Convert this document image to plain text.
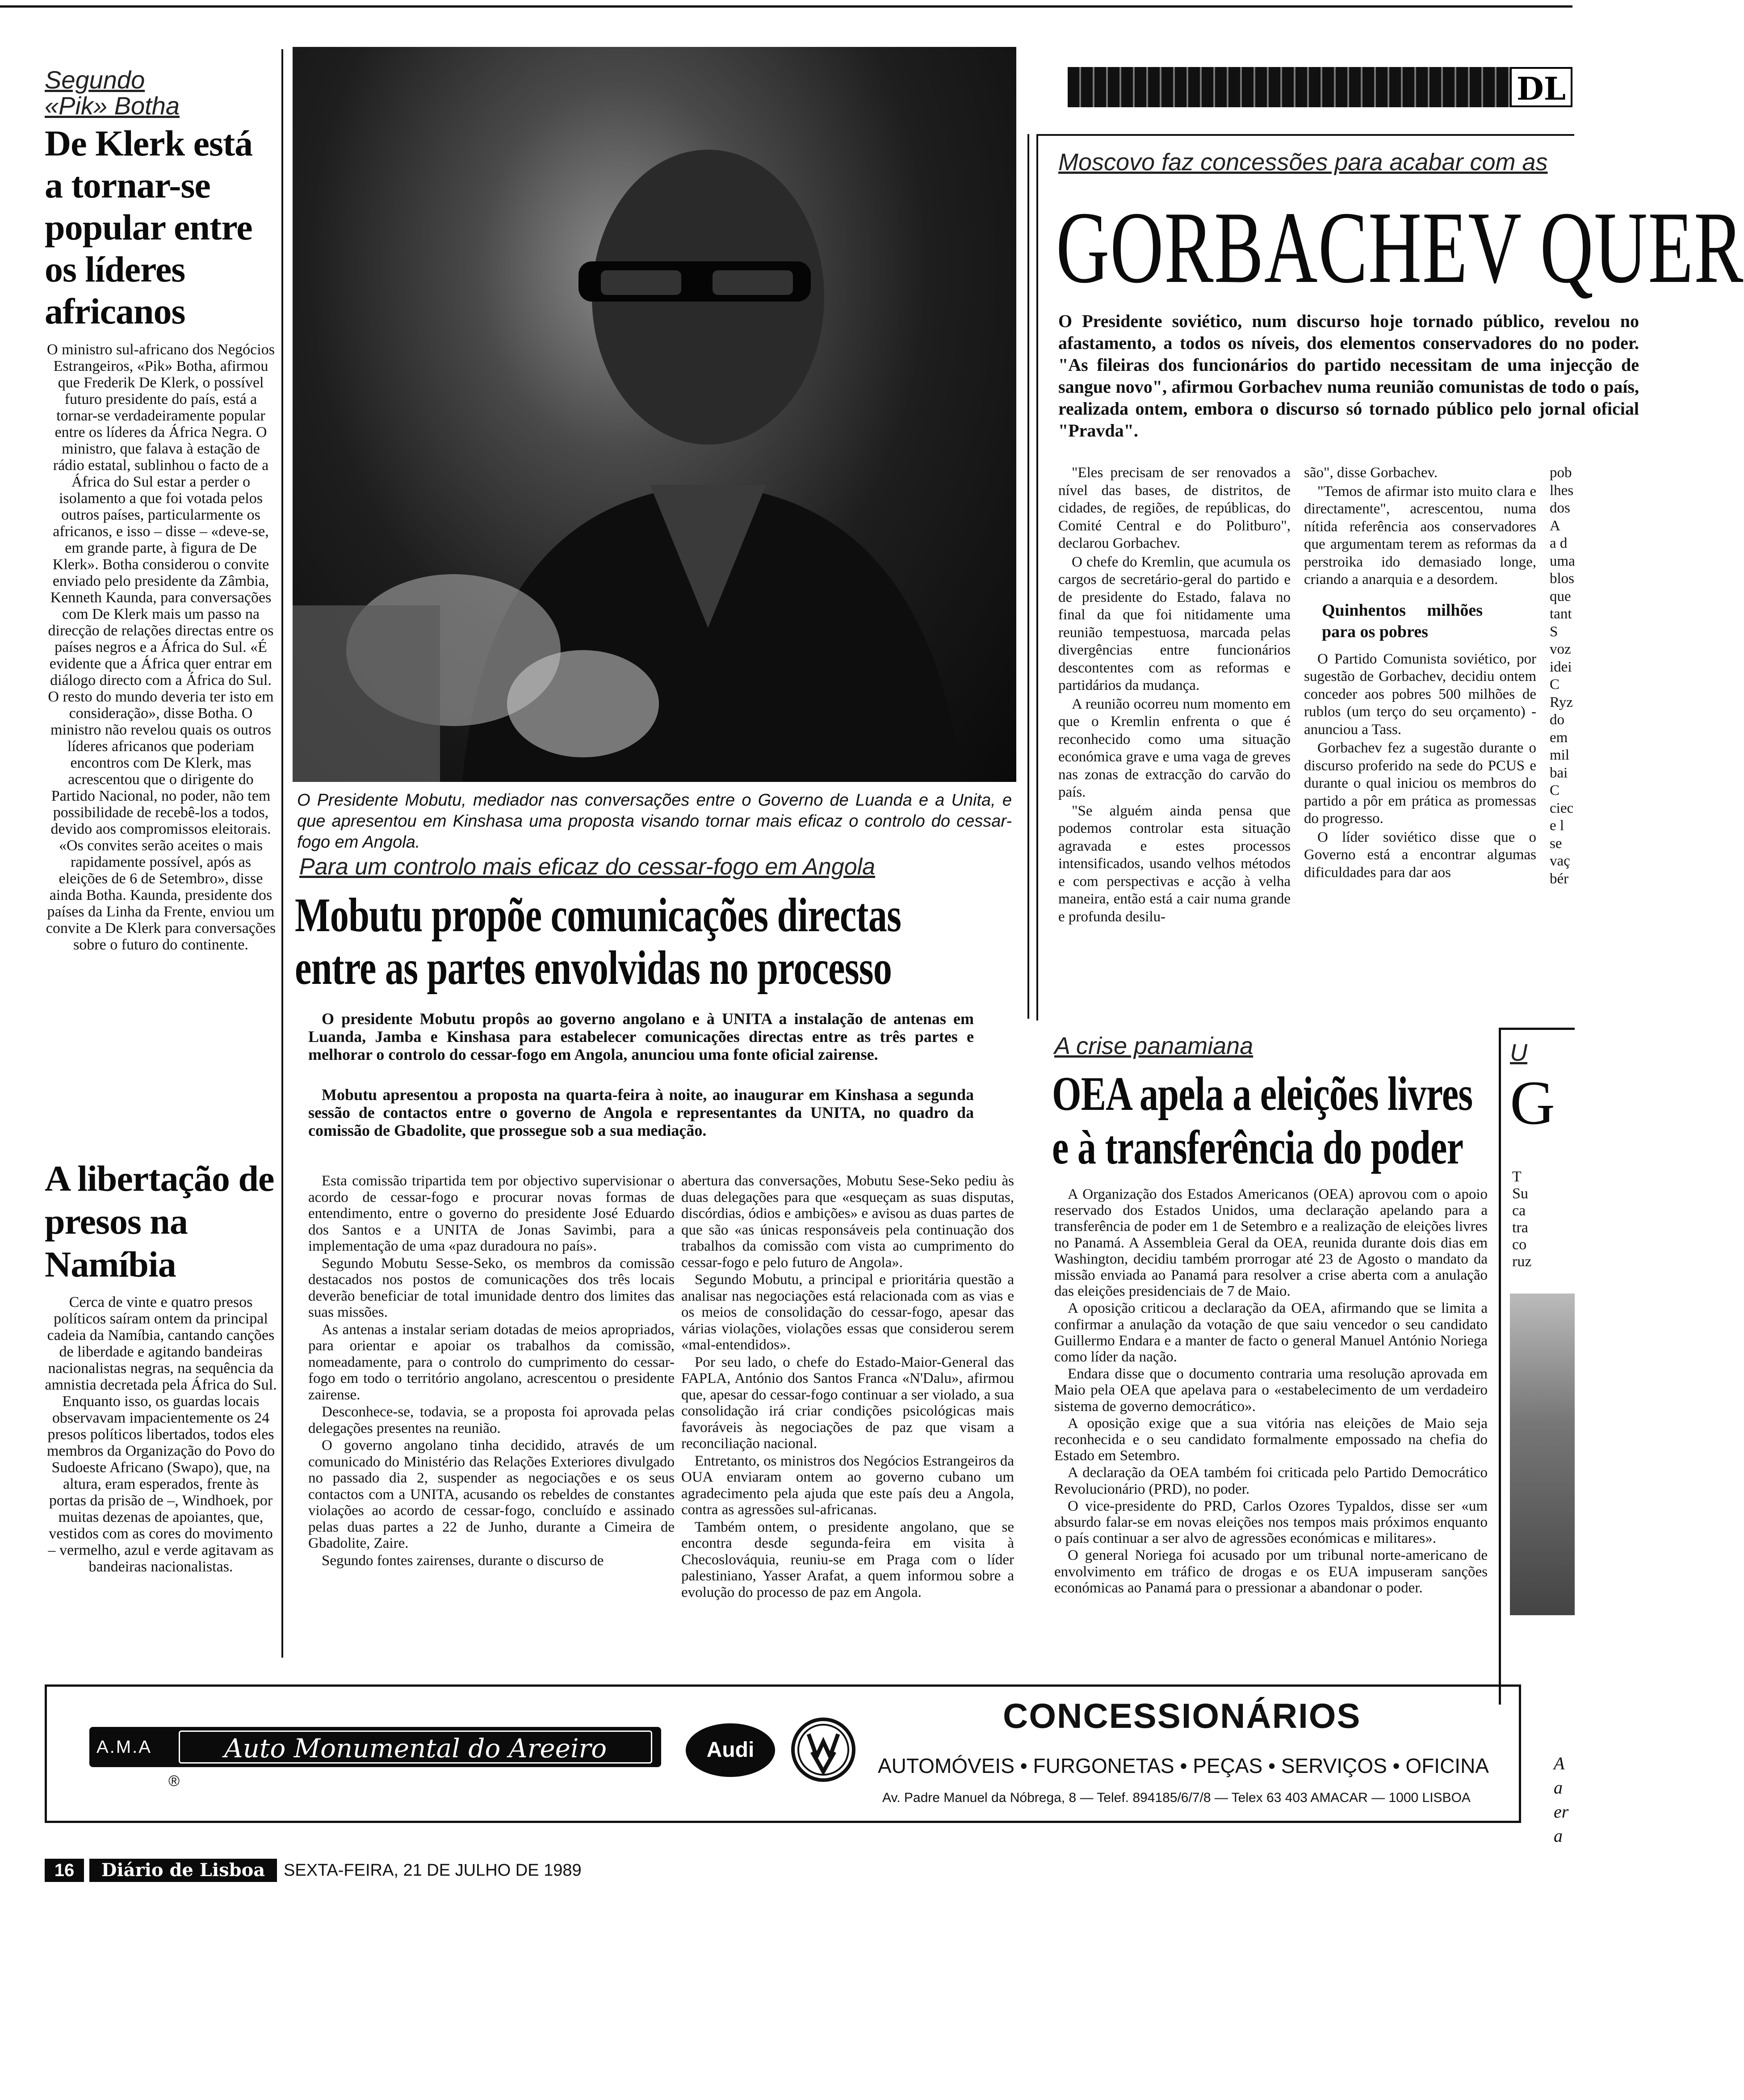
Segundo
«Pik» Botha
De Klerk está a tornar-se popular entre os líderes africanos
O ministro sul-africano dos Negócios Estrangeiros, «Pik» Botha, afirmou que Frederik De Klerk, o possível futuro presidente do país, está a tornar-se verdadeiramente popular entre os líderes da África Negra. O ministro, que falava à estação de rádio estatal, sublinhou o facto de a África do Sul estar a perder o isolamento a que foi votada pelos outros países, particularmente os africanos, e isso – disse – «deve-se, em grande parte, à figura de De Klerk». Botha considerou o convite enviado pelo presidente da Zâmbia, Kenneth Kaunda, para conversações com De Klerk mais um passo na direcção de relações directas entre os países negros e a África do Sul. «É evidente que a África quer entrar em diálogo directo com a África do Sul. O resto do mundo deveria ter isto em consideração», disse Botha. O ministro não revelou quais os outros líderes africanos que poderiam encontros com De Klerk, mas acrescentou que o dirigente do Partido Nacional, no poder, não tem possibilidade de recebê-los a todos, devido aos compromissos eleitorais. «Os convites serão aceites o mais rapidamente possível, após as eleições de 6 de Setembro», disse ainda Botha. Kaunda, presidente dos países da Linha da Frente, enviou um convite a De Klerk para conversações sobre o futuro do continente.
A libertação de presos na Namíbia
Cerca de vinte e quatro presos políticos saíram ontem da principal cadeia da Namíbia, cantando canções de liberdade e agitando bandeiras nacionalistas negras, na sequência da amnistia decretada pela África do Sul. Enquanto isso, os guardas locais observavam impacientemente os 24 presos políticos libertados, todos eles membros da Organização do Povo do Sudoeste Africano (Swapo), que, na altura, eram esperados, frente às portas da prisão de –, Windhoek, por muitas dezenas de apoiantes, que, vestidos com as cores do movimento – vermelho, azul e verde agitavam as bandeiras nacionalistas.
O Presidente Mobutu, mediador nas conversações entre o Governo de Luanda e a Unita, e que apresentou em Kinshasa uma proposta visando tornar mais eficaz o controlo do cessar-fogo em Angola.
Para um controlo mais eficaz do cessar-fogo em Angola
Mobutu propõe comunicações directas
entre as partes envolvidas no processo
O presidente Mobutu propôs ao governo angolano e à UNITA a instalação de antenas em Luanda, Jamba e Kinshasa para estabelecer comunicações directas entre as três partes e melhorar o controlo do cessar-fogo em Angola, anunciou uma fonte oficial zairense.
Mobutu apresentou a proposta na quarta-feira à noite, ao inaugurar em Kinshasa a segunda sessão de contactos entre o governo de Angola e representantes da UNITA, no quadro da comissão de Gbadolite, que prossegue sob a sua mediação.

Esta comissão tripartida tem por objectivo supervisionar o acordo de cessar-fogo e procurar novas formas de entendimento, entre o governo do presidente José Eduardo dos Santos e a UNITA de Jonas Savimbi, para a implementação de uma «paz duradoura no país».

Segundo Mobutu Sesse-Seko, os membros da comissão destacados nos postos de comunicações dos três locais deverão beneficiar de total imunidade dentro dos limites das suas missões.

As antenas a instalar seriam dotadas de meios apropriados, para orientar e apoiar os trabalhos da comissão, nomeadamente, para o controlo do cumprimento do cessar-fogo em todo o território angolano, acrescentou o presidente zairense.

Desconhece-se, todavia, se a proposta foi aprovada pelas delegações presentes na reunião.

O governo angolano tinha decidido, através de um comunicado do Ministério das Relações Exteriores divulgado no passado dia 2, suspender as negociações e os seus contactos com a UNITA, acusando os rebeldes de constantes violações ao acordo de cessar-fogo, concluído e assinado pelas duas partes a 22 de Junho, durante a Cimeira de Gbadolite, Zaire.

Segundo fontes zairenses, durante o discurso de

abertura das conversações, Mobutu Sese-Seko pediu às duas delegações para que «esqueçam as suas disputas, discórdias, ódios e ambições» e avisou as duas partes de que são «as únicas responsáveis pela continuação dos trabalhos da comissão com vista ao cumprimento do cessar-fogo e pelo futuro de Angola».

Segundo Mobutu, a principal e prioritária questão a analisar nas negociações está relacionada com as vias e os meios de consolidação do cessar-fogo, apesar das várias violações, violações essas que considerou serem «mal-entendidos».

Por seu lado, o chefe do Estado-Maior-General das FAPLA, António dos Santos Franca «N'Dalu», afirmou que, apesar do cessar-fogo continuar a ser violado, a sua consolidação irá criar condições psicológicas mais favoráveis às negociações de paz que visam a reconciliação nacional.

Entretanto, os ministros dos Negócios Estrangeiros da OUA enviaram ontem ao governo cubano um agradecimento pela ajuda que este país deu a Angola, contra as agressões sul-africanas.

Também ontem, o presidente angolano, que se encontra desde segunda-feira em visita à Checoslováquia, reuniu-se em Praga com o líder palestiniano, Yasser Arafat, a quem informou sobre a evolução do processo de paz em Angola.

DL
Moscovo faz concessões para acabar com as
GORBACHEV QUER
O Presidente soviético, num discurso hoje tornado público, revelou no afastamento, a todos os níveis, dos elementos conservadores do no poder. "As fileiras dos funcionários do partido necessitam de uma injecção de sangue novo", afirmou Gorbachev numa reunião comunistas de todo o país, realizada ontem, embora o discurso só tornado público pelo jornal oficial "Pravda".

"Eles precisam de ser renovados a nível das bases, de distritos, de cidades, de regiões, de repúblicas, do Comité Central e do Politburo", declarou Gorbachev.

O chefe do Kremlin, que acumula os cargos de secretário-geral do partido e de presidente do Estado, falava no final da que foi nitidamente uma reunião tempestuosa, marcada pelas divergências entre funcionários descontentes com as reformas e partidários da mudança.

A reunião ocorreu num momento em que o Kremlin enfrenta o que é reconhecido como uma situação económica grave e uma vaga de greves nas zonas de extracção do carvão do país.

"Se alguém ainda pensa que podemos controlar esta situação agravada e estes processos intensificados, usando velhos métodos e com perspectivas e acção à velha maneira, então está a cair numa grande e profunda desilu-

são", disse Gorbachev.

"Temos de afirmar isto muito clara e directamente", acrescentou, numa nítida referência aos conservadores que argumentam terem as reformas da perstroika ido demasiado longe, criando a anarquia e a desordem.

Quinhentos milhões para os pobres

O Partido Comunista soviético, por sugestão de Gorbachev, decidiu ontem conceder aos pobres 500 milhões de rublos (um terço do seu orçamento) - anunciou a Tass.

Gorbachev fez a sugestão durante o discurso proferido na sede do PCUS e durante o qual iniciou os membros do partido a pôr em prática as promessas do progresso.

O líder soviético disse que o Governo está a encontrar algumas dificuldades para dar aos

pob
lhes
dos
A
a d
uma
blos
que
tant
S
voz
idei
C
Ryz
do
em
mil
bai
C
ciec
e l
se
vaç
bér
A crise panamiana
OEA apela a eleições livres
e à transferência do poder

A Organização dos Estados Americanos (OEA) aprovou com o apoio reservado dos Estados Unidos, uma declaração apelando para a transferência de poder em 1 de Setembro e a realização de eleições livres no Panamá. A Assembleia Geral da OEA, reunida durante dois dias em Washington, decidiu também prorrogar até 23 de Agosto o mandato da missão enviada ao Panamá para resolver a crise aberta com a anulação das eleições presidenciais de 7 de Maio.

A oposição criticou a declaração da OEA, afirmando que se limita a confirmar a anulação da votação de que saiu vencedor o seu candidato Guillermo Endara e a manter de facto o general Manuel António Noriega como líder da nação.

Endara disse que o documento contraria uma resolução aprovada em Maio pela OEA que apelava para o «estabelecimento de um verdadeiro sistema de governo democrático».

A oposição exige que a sua vitória nas eleições de Maio seja reconhecida e o seu candidato formalmente empossado na chefia do Estado em Setembro.

A declaração da OEA também foi criticada pelo Partido Democrático Revolucionário (PRD), no poder.

O vice-presidente do PRD, Carlos Ozores Typaldos, disse ser «um absurdo falar-se em novas eleições nos tempos mais próximos enquanto o país continuar a ser alvo de agressões económicas e militares».

O general Noriega foi acusado por um tribunal norte-americano de envolvimento em tráfico de drogas e os EUA impuseram sanções económicas ao Panamá para o pressionar a abandonar o poder.

U
G
T
Su
ca
tra
co
ruz
A
a
er
a
A.M.A	Auto Monumental do Areeiro
®
Audi
CONCESSIONÁRIOS
AUTOMÓVEIS • FURGONETAS • PEÇAS • SERVIÇOS • OFICINA
Av. Padre Manuel da Nóbrega, 8 — Telef. 894185/6/7/8 — Telex 63 403 AMACAR — 1000 LISBOA
16	Diário de Lisboa	SEXTA-FEIRA, 21 DE JULHO DE 1989
